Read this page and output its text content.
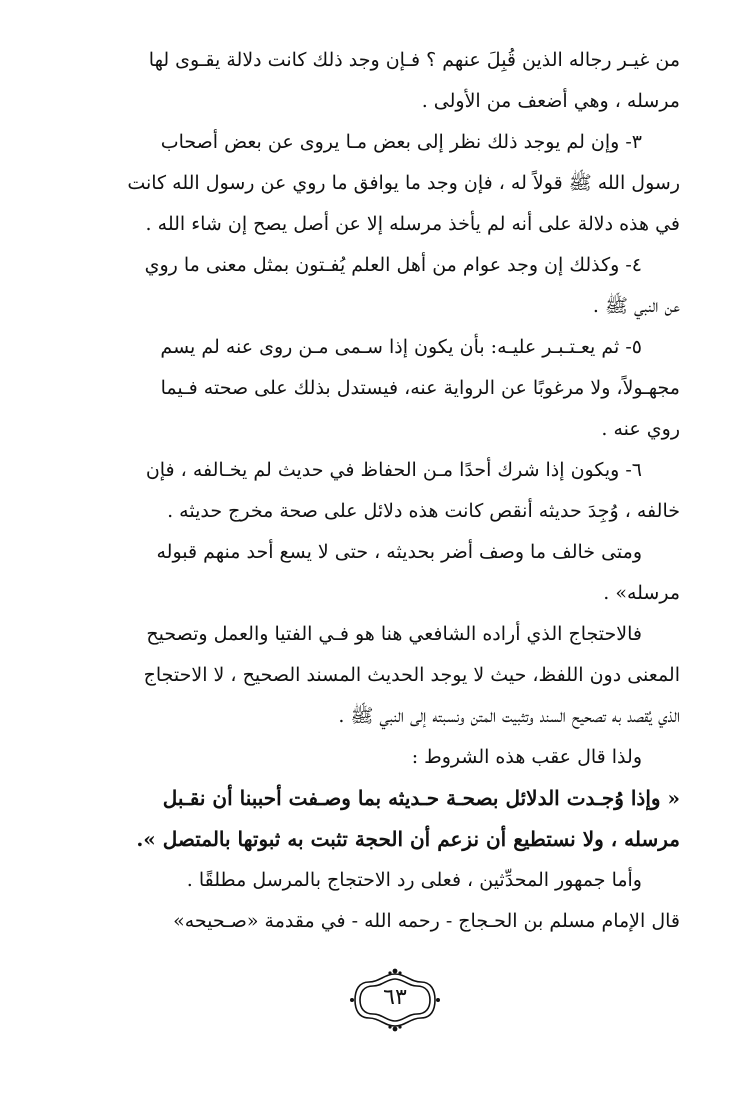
من غيـر رجاله الذين قُبِلَ عنهم ؟ فـإن وجد ذلك كانت دلالة يقـوى لها

مرسله ، وهي أضعف من الأولى .

٣- وإن لم يوجد ذلك نظر إلى بعض مـا يروى عن بعض أصحاب

رسول الله ﷺ قولاً له ، فإن وجد ما يوافق ما روي عن رسول الله كانت

في هذه دلالة على أنه لم يأخذ مرسله إلا عن أصل يصح إن شاء الله .

٤- وكذلك إن وجد عوام من أهل العلم يُفـتون بمثل معنى ما روي

عن النبي ﷺ .

٥- ثم يعـتـبـر عليـه: بأن يكون إذا سـمى مـن روى عنه لم يسم

مجهـولاً، ولا مرغوبًا عن الرواية عنه، فيستدل بذلك على صحته فـيما

روي عنه .

٦- ويكون إذا شرك أحدًا مـن الحفاظ في حديث لم يخـالفه ، فإن

خالفه ، وُجِدَ حديثه أنقص كانت هذه دلائل على صحة مخرج حديثه .

ومتى خالف ما وصف أضر بحديثه ، حتى لا يسع أحد منهم قبوله

مرسله» .

فالاحتجاج الذي أراده الشافعي هنا هو فـي الفتيا والعمل وتصحيح

المعنى دون اللفظ، حيث لا يوجد الحديث المسند الصحيح ، لا الاحتجاج

الذي يُقصد به تصحيح السند وتثبيت المتن ونسبته إلى النبي ﷺ .

ولذا قال عقب هذه الشروط :

« وإذا وُجـدت الدلائل بصحـة حـديثه بما وصـفت أحببنا أن نقـبل

مرسله ، ولا نستطيع أن نزعم أن الحجة تثبت به ثبوتها بالمتصل ».

وأما جمهور المحدِّثين ، فعلى رد الاحتجاج بالمرسل مطلقًا .

قال الإمام مسلم بن الحـجاج - رحمه الله - في مقدمة «صـحيحه»

٦٣
